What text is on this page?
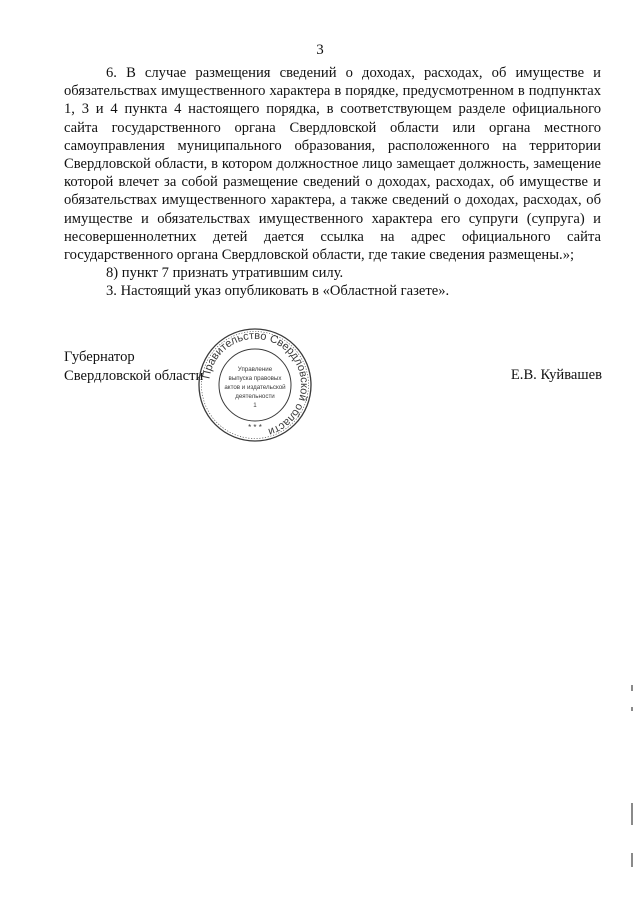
3

6. В случае размещения сведений о доходах, расходах, об имуществе и обязательствах имущественного характера в порядке, предусмотренном в подпунктах 1, 3 и 4 пункта 4 настоящего порядка, в соответствующем разделе официального сайта государственного органа Свердловской области или органа местного самоуправления муниципального образования, расположенного на территории Свердловской области, в котором должностное лицо замещает должность, замещение которой влечет за собой размещение сведений о доходах, расходах, об имуществе и обязательствах имущественного характера, а также сведений о доходах, расходах, об имуществе и обязательствах имущественного характера его супруги (супруга) и несовершеннолетних детей дается ссылка на адрес официального сайта государственного органа Свердловской области, где такие сведения размещены.»;

8) пункт 7 признать утратившим силу.

3. Настоящий указ опубликовать в «Областной газете».

Губернатор
Свердловской области	Е.В. Куйвашев
Правительство Свердловской области
Управление
выпуска правовых
актов и издательской
деятельности
1
* * *
